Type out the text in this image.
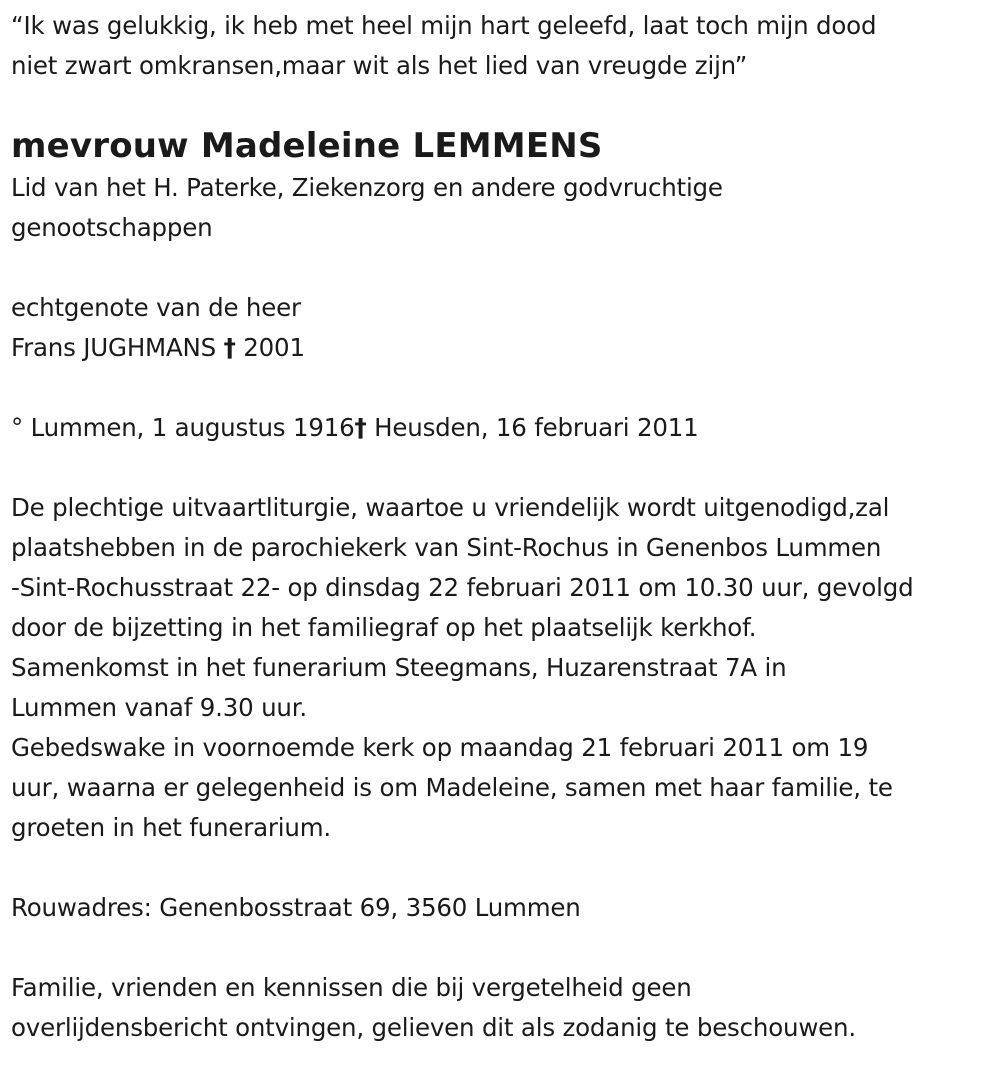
“Ik was gelukkig, ik heb met heel mijn hart geleefd, laat toch mijn dood
niet zwart omkransen,maar wit als het lied van vreugde zijn”
mevrouw Madeleine LEMMENS
Lid van het H. Paterke, Ziekenzorg en andere godvruchtige
genootschappen
echtgenote van de heer
Frans JUGHMANS † 2001
° Lummen, 1 augustus 1916† Heusden, 16 februari 2011
De plechtige uitvaartliturgie, waartoe u vriendelijk wordt uitgenodigd,zal
plaatshebben in de parochiekerk van Sint-Rochus in Genenbos Lummen
-Sint-Rochusstraat 22- op dinsdag 22 februari 2011 om 10.30 uur, gevolgd
door de bijzetting in het familiegraf op het plaatselijk kerkhof.
Samenkomst in het funerarium Steegmans, Huzarenstraat 7A in
Lummen vanaf 9.30 uur.
Gebedswake in voornoemde kerk op maandag 21 februari 2011 om 19
uur, waarna er gelegenheid is om Madeleine, samen met haar familie, te
groeten in het funerarium.
Rouwadres: Genenbosstraat 69, 3560 Lummen
Familie, vrienden en kennissen die bij vergetelheid geen
overlijdensbericht ontvingen, gelieven dit als zodanig te beschouwen.
